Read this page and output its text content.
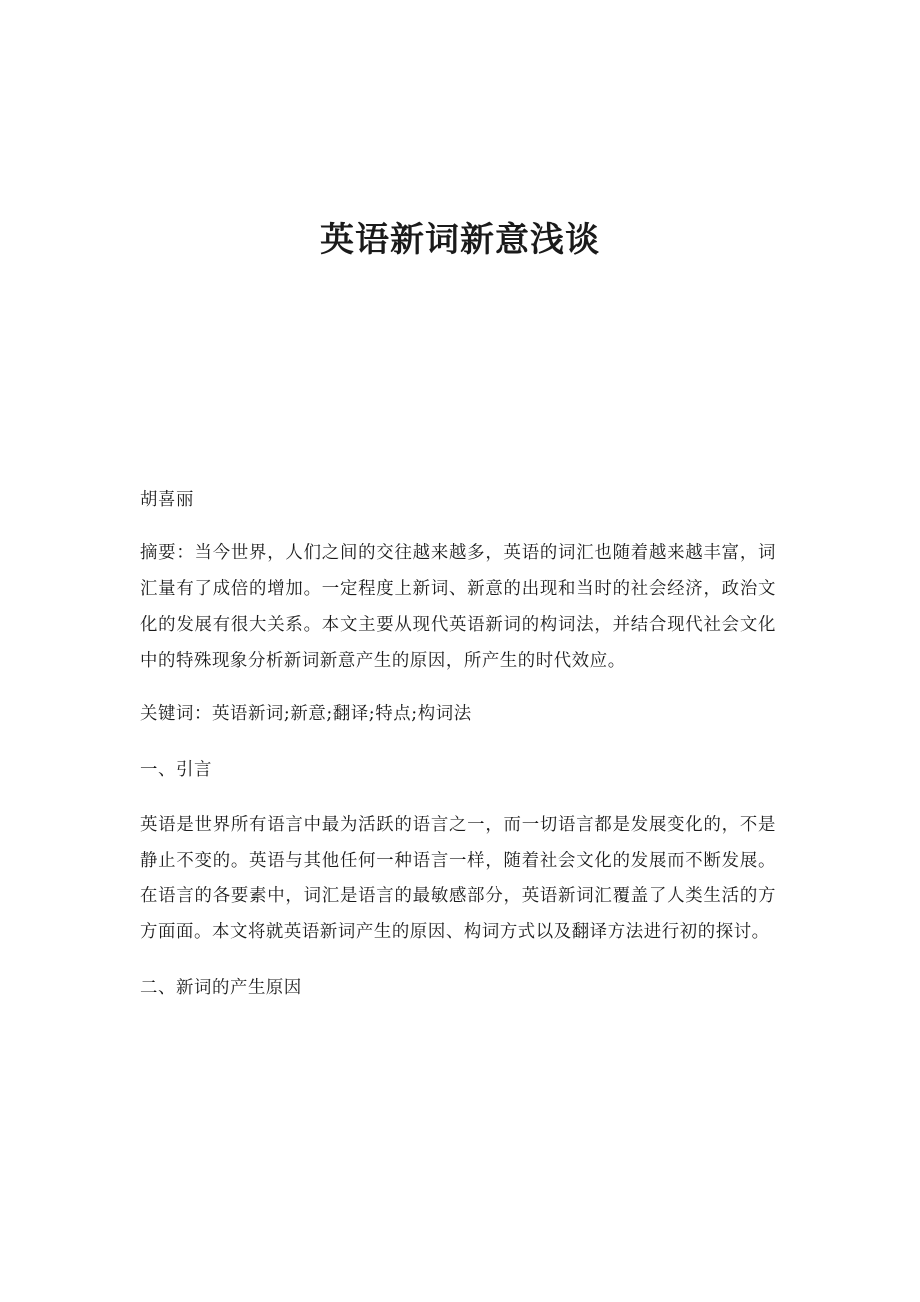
英语新词新意浅谈

胡喜丽

摘要：当今世界，人们之间的交往越来越多，英语的词汇也随着越来越丰富，词汇量有了成倍的增加。一定程度上新词、新意的出现和当时的社会经济，政治文化的发展有很大关系。本文主要从现代英语新词的构词法，并结合现代社会文化中的特殊现象分析新词新意产生的原因，所产生的时代效应。

关键词：英语新词;新意;翻译;特点;构词法

一、引言

英语是世界所有语言中最为活跃的语言之一，而一切语言都是发展变化的，不是静止不变的。英语与其他任何一种语言一样，随着社会文化的发展而不断发展。在语言的各要素中，词汇是语言的最敏感部分，英语新词汇覆盖了人类生活的方方面面。本文将就英语新词产生的原因、构词方式以及翻译方法进行初的探讨。

二、新词的产生原因
